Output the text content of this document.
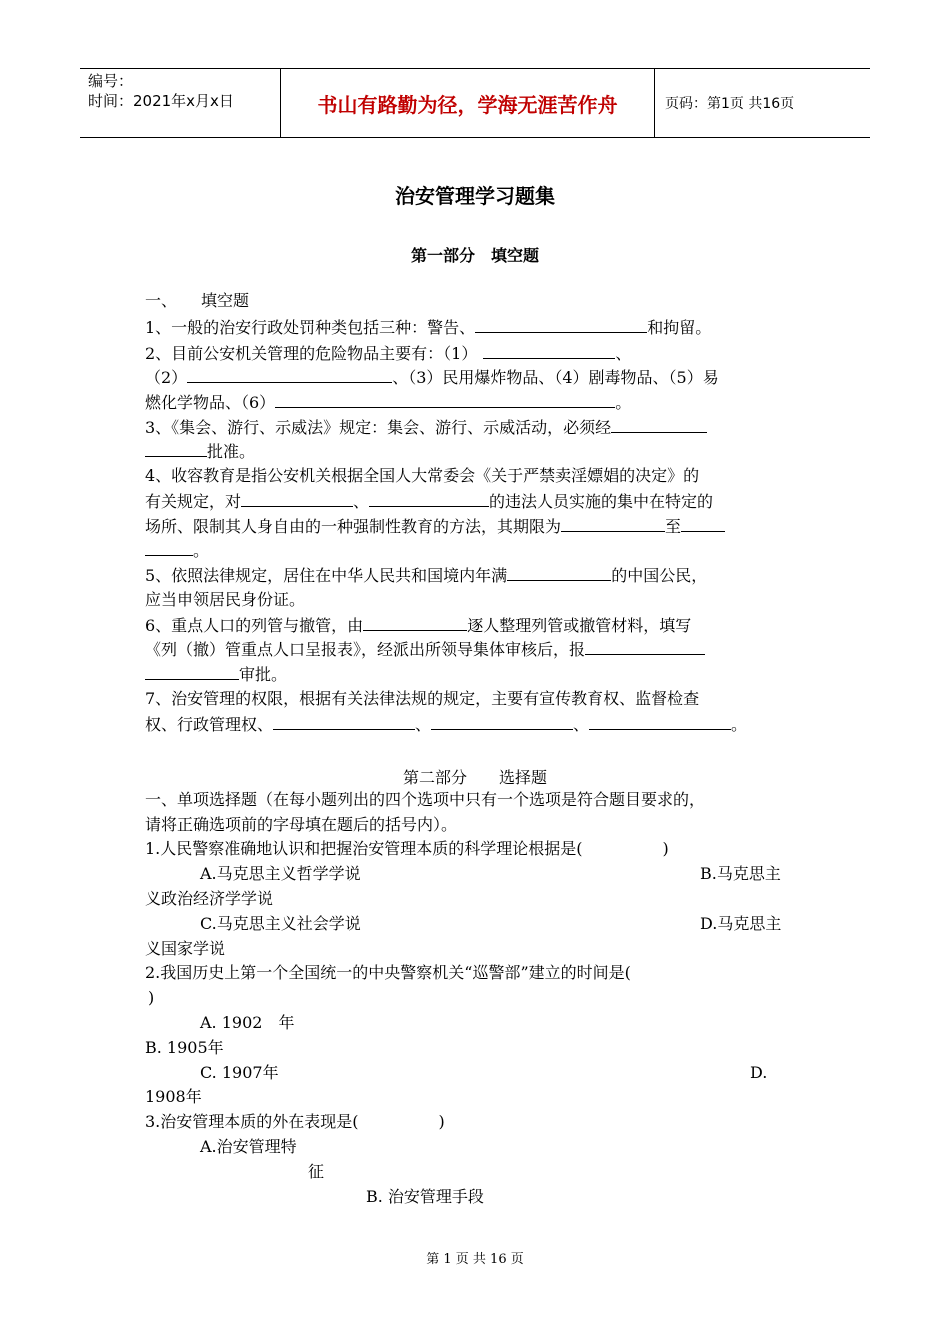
编号：
时间：2021年x月x日	书山有路勤为径，学海无涯苦作舟	页码：第1页 共16页
治安管理学习题集
第一部分　填空题
一、　　填空题
1、一般的治安行政处罚种类包括三种：警告、	和拘留。
2、目前公安机关管理的危险物品主要有：（1）	、
（2）	、（3）民用爆炸物品、（4）剧毒物品、（5）易
燃化学物品、（6）	。
3、《集会、游行、示威法》规定：集会、游行、示威活动，必须经
批准。
4、收容教育是指公安机关根据全国人大常委会《关于严禁卖淫嫖娼的决定》的
有关规定，对	、	的违法人员实施的集中在特定的
场所、限制其人身自由的一种强制性教育的方法，其期限为	至
。
5、依照法律规定，居住在中华人民共和国境内年满	的中国公民，
应当申领居民身份证。
6、重点人口的列管与撤管，由	逐人整理列管或撤管材料，填写
《列（撤）管重点人口呈报表》，经派出所领导集体审核后，报
审批。
7、治安管理的权限，根据有关法律法规的规定，主要有宣传教育权、监督检查
权、行政管理权、	、	、	。
第二部分　　选择题
一、单项选择题（在每小题列出的四个选项中只有一个选项是符合题目要求的，
请将正确选项前的字母填在题后的括号内）。
1.人民警察准确地认识和把握治安管理本质的科学理论根据是(　　　　　)
A.马克思主义哲学学说	B.马克思主
义政治经济学学说
C.马克思主义社会学说	D.马克思主
义国家学说
2.我国历史上第一个全国统一的中央警察机关“巡警部”建立的时间是(
)
A. 1902　年
B. 1905年
C. 1907年	D.
1908年
3.治安管理本质的外在表现是(　　　　　)
A.治安管理特
征
B. 治安管理手段
第 1 页 共 16 页
